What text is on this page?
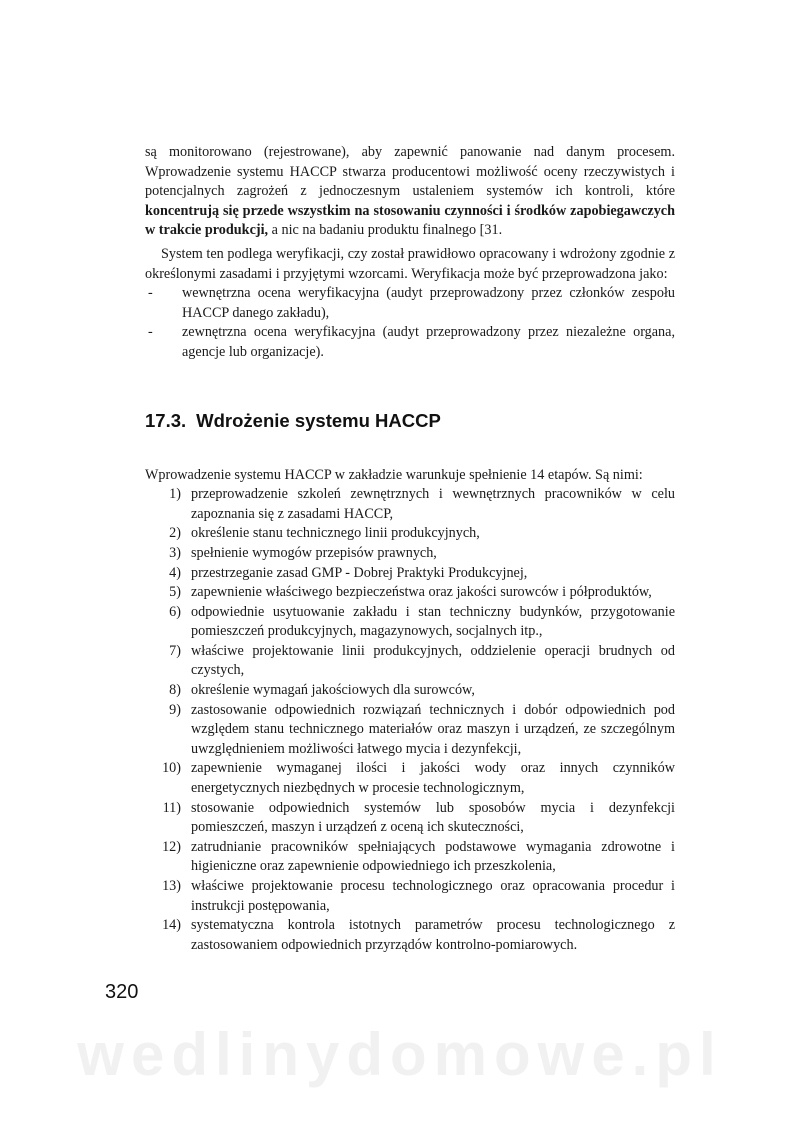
wedlinydomowe.pl

są monitorowano (rejestrowane), aby zapewnić panowanie nad danym procesem. Wprowadzenie systemu HACCP stwarza producentowi możliwość oceny rzeczywistych i potencjalnych zagrożeń z jednoczesnym ustaleniem systemów ich kontroli, które koncentrują się przede wszystkim na stosowaniu czynności i środków zapobiegawczych w trakcie produkcji, a nic na badaniu produktu finalnego [31.

System ten podlega weryfikacji, czy został prawidłowo opracowany i wdrożony zgodnie z określonymi zasadami i przyjętymi wzorcami. Weryfikacja może być przeprowadzona jako:

- wewnętrzna ocena weryfikacyjna (audyt przeprowadzony przez członków zespołu HACCP danego zakładu),
- zewnętrzna ocena weryfikacyjna (audyt przeprowadzony przez niezależne organa, agencje lub organizacje).
17.3. Wdrożenie systemu HACCP

Wprowadzenie systemu HACCP w zakładzie warunkuje spełnienie 14 etapów. Są nimi:

1) przeprowadzenie szkoleń zewnętrznych i wewnętrznych pracowników w celu zapoznania się z zasadami HACCP,
2) określenie stanu technicznego linii produkcyjnych,
3) spełnienie wymogów przepisów prawnych,
4) przestrzeganie zasad GMP - Dobrej Praktyki Produkcyjnej,
5) zapewnienie właściwego bezpieczeństwa oraz jakości surowców i półproduktów,
6) odpowiednie usytuowanie zakładu i stan techniczny budynków, przygotowanie pomieszczeń produkcyjnych, magazynowych, socjalnych itp.,
7) właściwe projektowanie linii produkcyjnych, oddzielenie operacji brudnych od czystych,
8) określenie wymagań jakościowych dla surowców,
9) zastosowanie odpowiednich rozwiązań technicznych i dobór odpowiednich pod względem stanu technicznego materiałów oraz maszyn i urządzeń, ze szczególnym uwzględnieniem możliwości łatwego mycia i dezynfekcji,
10) zapewnienie wymaganej ilości i jakości wody oraz innych czynników energetycznych niezbędnych w procesie technologicznym,
11) stosowanie odpowiednich systemów lub sposobów mycia i dezynfekcji pomieszczeń, maszyn i urządzeń z oceną ich skuteczności,
12) zatrudnianie pracowników spełniających podstawowe wymagania zdrowotne i higieniczne oraz zapewnienie odpowiedniego ich przeszkolenia,
13) właściwe projektowanie procesu technologicznego oraz opracowania procedur i instrukcji postępowania,
14) systematyczna kontrola istotnych parametrów procesu technologicznego z zastosowaniem odpowiednich przyrządów kontrolno-pomiarowych.
320
